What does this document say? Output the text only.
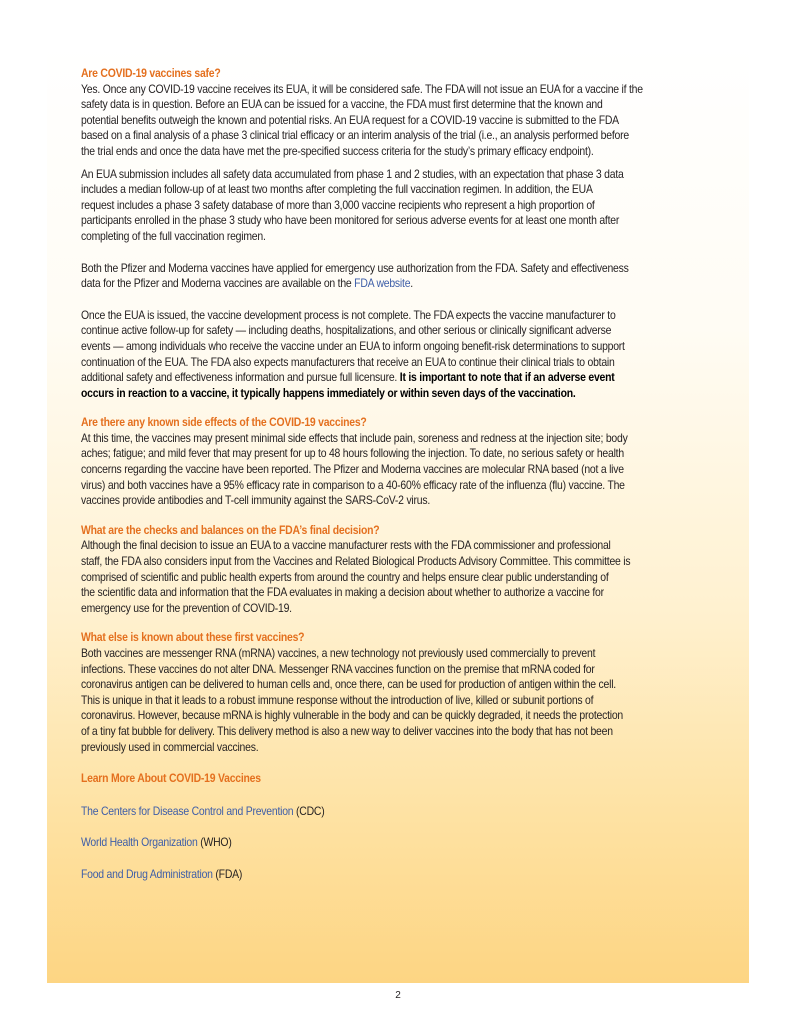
Are COVID-19 vaccines safe?

Yes. Once any COVID-19 vaccine receives its EUA, it will be considered safe. The FDA will not issue an EUA for a vaccine if the

safety data is in question. Before an EUA can be issued for a vaccine, the FDA must first determine that the known and

potential benefits outweigh the known and potential risks. An EUA request for a COVID-19 vaccine is submitted to the FDA

based on a final analysis of a phase 3 clinical trial efficacy or an interim analysis of the trial (i.e., an analysis performed before

the trial ends and once the data have met the pre-specified success criteria for the study’s primary efficacy endpoint).

An EUA submission includes all safety data accumulated from phase 1 and 2 studies, with an expectation that phase 3 data

includes a median follow-up of at least two months after completing the full vaccination regimen. In addition, the EUA

request includes a phase 3 safety database of more than 3,000 vaccine recipients who represent a high proportion of

participants enrolled in the phase 3 study who have been monitored for serious adverse events for at least one month after

completing of the full vaccination regimen.

Both the Pfizer and Moderna vaccines have applied for emergency use authorization from the FDA. Safety and effectiveness

data for the Pfizer and Moderna vaccines are available on the FDA website.

Once the EUA is issued, the vaccine development process is not complete. The FDA expects the vaccine manufacturer to

continue active follow-up for safety — including deaths, hospitalizations, and other serious or clinically significant adverse

events — among individuals who receive the vaccine under an EUA to inform ongoing benefit-risk determinations to support

continuation of the EUA. The FDA also expects manufacturers that receive an EUA to continue their clinical trials to obtain

additional safety and effectiveness information and pursue full licensure. It is important to note that if an adverse event

occurs in reaction to a vaccine, it typically happens immediately or within seven days of the vaccination.

Are there any known side effects of the COVID-19 vaccines?

At this time, the vaccines may present minimal side effects that include pain, soreness and redness at the injection site; body

aches; fatigue; and mild fever that may present for up to 48 hours following the injection. To date, no serious safety or health

concerns regarding the vaccine have been reported. The Pfizer and Moderna vaccines are molecular RNA based (not a live

virus) and both vaccines have a 95% efficacy rate in comparison to a 40-60% efficacy rate of the influenza (flu) vaccine. The

vaccines provide antibodies and T-cell immunity against the SARS-CoV-2 virus.

What are the checks and balances on the FDA’s final decision?

Although the final decision to issue an EUA to a vaccine manufacturer rests with the FDA commissioner and professional

staff, the FDA also considers input from the Vaccines and Related Biological Products Advisory Committee. This committee is

comprised of scientific and public health experts from around the country and helps ensure clear public understanding of

the scientific data and information that the FDA evaluates in making a decision about whether to authorize a vaccine for

emergency use for the prevention of COVID-19.

What else is known about these first vaccines?

Both vaccines are messenger RNA (mRNA) vaccines, a new technology not previously used commercially to prevent

infections. These vaccines do not alter DNA. Messenger RNA vaccines function on the premise that mRNA coded for

coronavirus antigen can be delivered to human cells and, once there, can be used for production of antigen within the cell.

This is unique in that it leads to a robust immune response without the introduction of live, killed or subunit portions of

coronavirus. However, because mRNA is highly vulnerable in the body and can be quickly degraded, it needs the protection

of a tiny fat bubble for delivery. This delivery method is also a new way to deliver vaccines into the body that has not been

previously used in commercial vaccines.

Learn More About COVID-19 Vaccines

The Centers for Disease Control and Prevention (CDC)

World Health Organization (WHO)

Food and Drug Administration (FDA)

2
